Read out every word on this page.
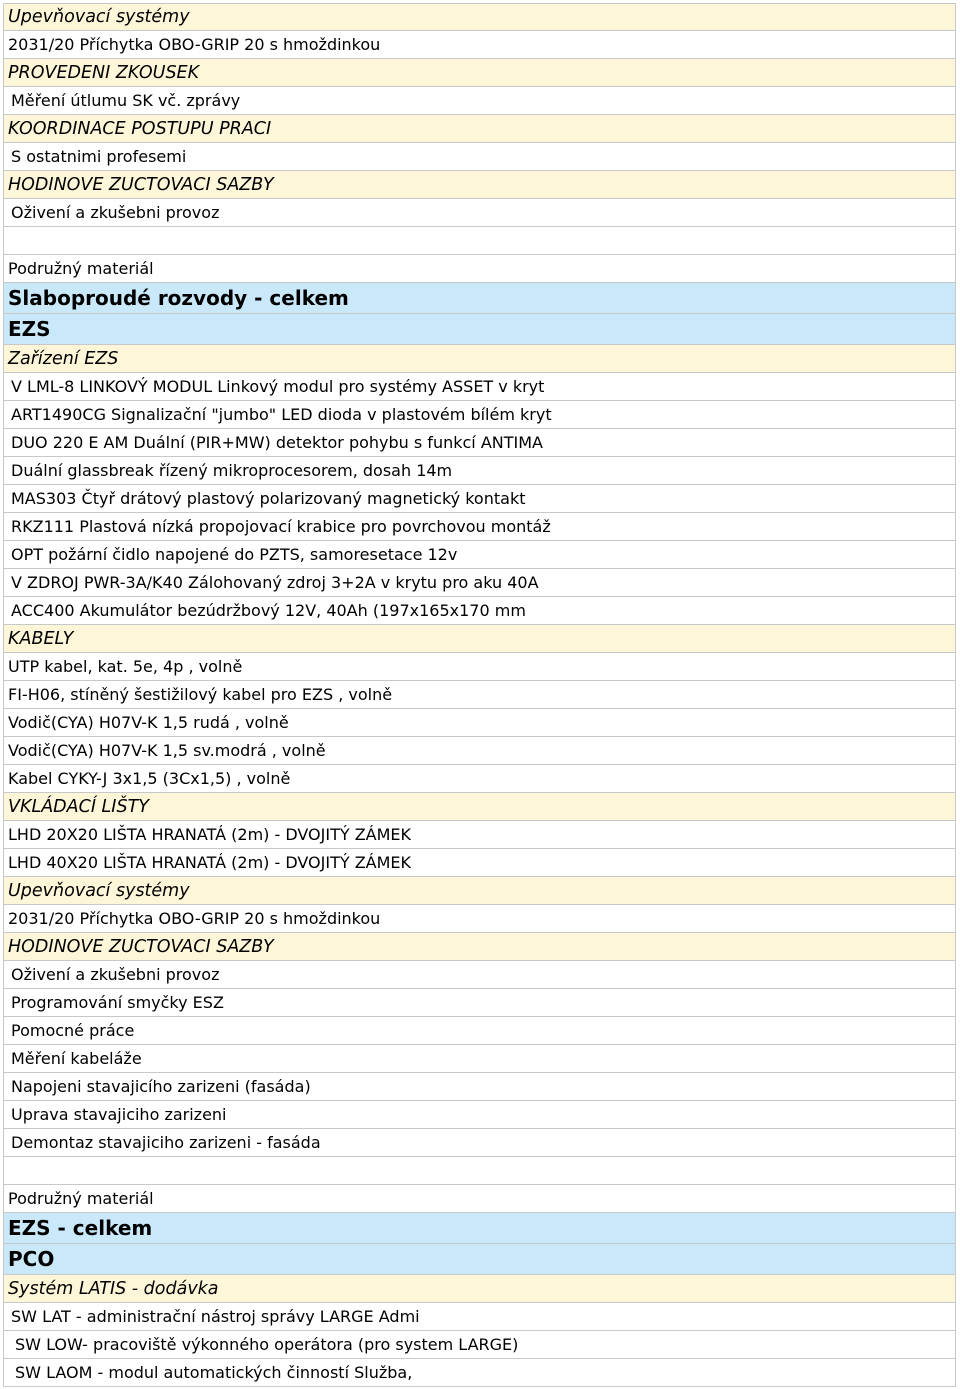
Upevňovací systémy
2031/20 Příchytka OBO-GRIP 20 s hmoždinkou
PROVEDENI ZKOUSEK
Měření útlumu SK vč. zprávy
KOORDINACE POSTUPU PRACI
S ostatnimi profesemi
HODINOVE ZUCTOVACI SAZBY
Oživení a zkušebni provoz
Podružný materiál
Slaboproudé rozvody - celkem
EZS
Zařízení EZS
V LML-8 LINKOVÝ MODUL Linkový modul pro systémy ASSET v kryt
ART1490CG Signalizační "jumbo" LED dioda v plastovém bílém kryt
DUO 220 E AM Duální (PIR+MW) detektor pohybu s funkcí ANTIMA
Duální glassbreak řízený mikroprocesorem, dosah 14m
MAS303 Čtyř drátový plastový polarizovaný magnetický kontakt
RKZ111 Plastová nízká propojovací krabice pro povrchovou montáž
OPT požární čidlo napojené do PZTS, samoresetace 12v
V ZDROJ PWR-3A/K40 Zálohovaný zdroj 3+2A v krytu pro aku 40A
ACC400 Akumulátor bezúdržbový 12V, 40Ah (197x165x170 mm
KABELY
UTP kabel, kat. 5e, 4p , volně
FI-H06, stíněný šestižilový kabel pro EZS , volně
Vodič(CYA) H07V-K 1,5 rudá , volně
Vodič(CYA) H07V-K 1,5 sv.modrá , volně
Kabel CYKY-J 3x1,5 (3Cx1,5) , volně
VKLÁDACÍ LIŠTY
LHD 20X20 LIŠTA HRANATÁ (2m) - DVOJITÝ ZÁMEK
LHD 40X20 LIŠTA HRANATÁ (2m) - DVOJITÝ ZÁMEK
Upevňovací systémy
2031/20 Příchytka OBO-GRIP 20 s hmoždinkou
HODINOVE ZUCTOVACI SAZBY
Oživení a zkušebni provoz
Programování smyčky ESZ
Pomocné práce
Měření kabeláže
Napojeni stavajicího zarizeni (fasáda)
Uprava stavajiciho zarizeni
Demontaz stavajiciho zarizeni - fasáda
Podružný materiál
EZS - celkem
PCO
Systém LATIS - dodávka
SW LAT - administrační nástroj správy LARGE Admi
SW LOW- pracoviště výkonného operátora (pro system LARGE)
SW LAOM - modul automatických činností Služba,
